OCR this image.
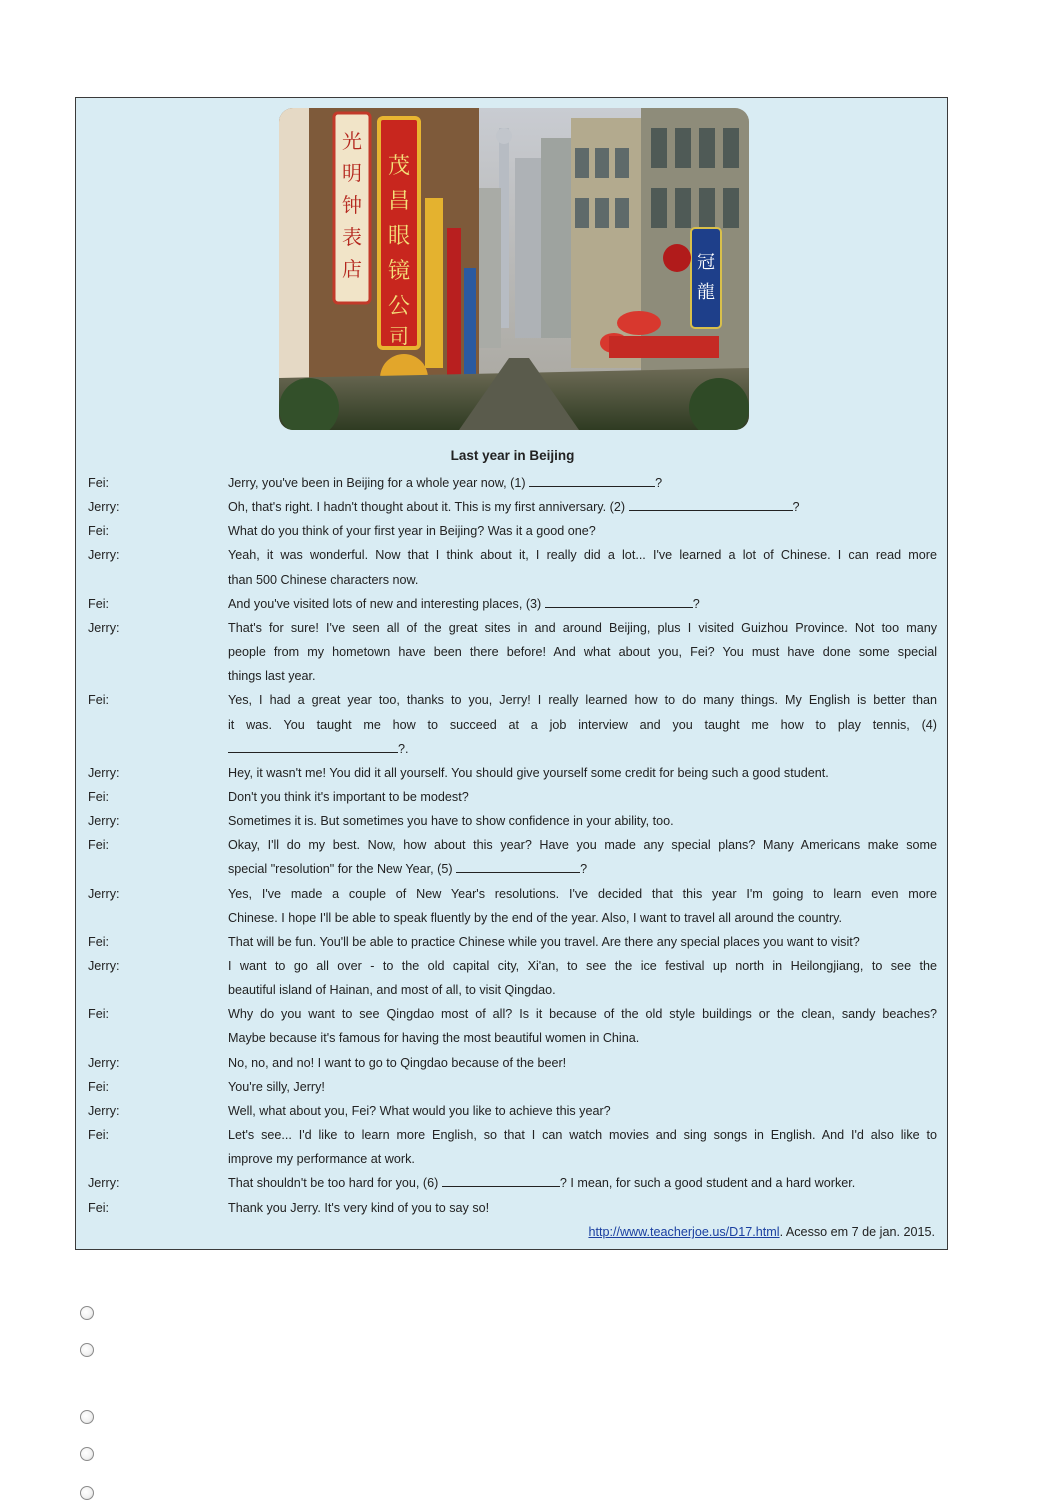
光
明
钟
表
店
茂
昌
眼
镜
公
司
冠
龍
Last year in Beijing
Fei:	Jerry, you've been in Beijing for a whole year now, (1)	?
Jerry:	Oh, that's right. I hadn't thought about it. This is my first anniversary. (2)	?
Fei:	What do you think of your first year in Beijing? Was it a good one?
Jerry:	Yeah, it was wonderful. Now that I think about it, I really did a lot... I've learned a lot of Chinese. I can read more
than 500 Chinese characters now.
Fei:	And you've visited lots of new and interesting places, (3)	?
Jerry:	That's for sure! I've seen all of the great sites in and around Beijing, plus I visited Guizhou Province. Not too many
people from my hometown have been there before! And what about you, Fei? You must have done some special
things last year.
Fei:	Yes, I had a great year too, thanks to you, Jerry! I really learned how to do many things. My English is better than
it was. You taught me how to succeed at a job interview and you taught me how to play tennis, (4)
?.
Jerry:	Hey, it wasn't me! You did it all yourself. You should give yourself some credit for being such a good student.
Fei:	Don't you think it's important to be modest?
Jerry:	Sometimes it is. But sometimes you have to show confidence in your ability, too.
Fei:	Okay, I'll do my best. Now, how about this year? Have you made any special plans? Many Americans make some
special "resolution" for the New Year, (5)	?
Jerry:	Yes, I've made a couple of New Year's resolutions. I've decided that this year I'm going to learn even more
Chinese. I hope I'll be able to speak fluently by the end of the year. Also, I want to travel all around the country.
Fei:	That will be fun. You'll be able to practice Chinese while you travel. Are there any special places you want to visit?
Jerry:	I want to go all over - to the old capital city, Xi'an, to see the ice festival up north in Heilongjiang, to see the
beautiful island of Hainan, and most of all, to visit Qingdao.
Fei:	Why do you want to see Qingdao most of all? Is it because of the old style buildings or the clean, sandy beaches?
Maybe because it's famous for having the most beautiful women in China.
Jerry:	No, no, and no! I want to go to Qingdao because of the beer!
Fei:	You're silly, Jerry!
Jerry:	Well, what about you, Fei? What would you like to achieve this year?
Fei:	Let's see... I'd like to learn more English, so that I can watch movies and sing songs in English. And I'd also like to
improve my performance at work.
Jerry:	That shouldn't be too hard for you, (6)	? I mean, for such a good student and a hard worker.
Fei:	Thank you Jerry. It's very kind of you to say so!
http://www.teacherjoe.us/D17.html. Acesso em 7 de jan. 2015.
